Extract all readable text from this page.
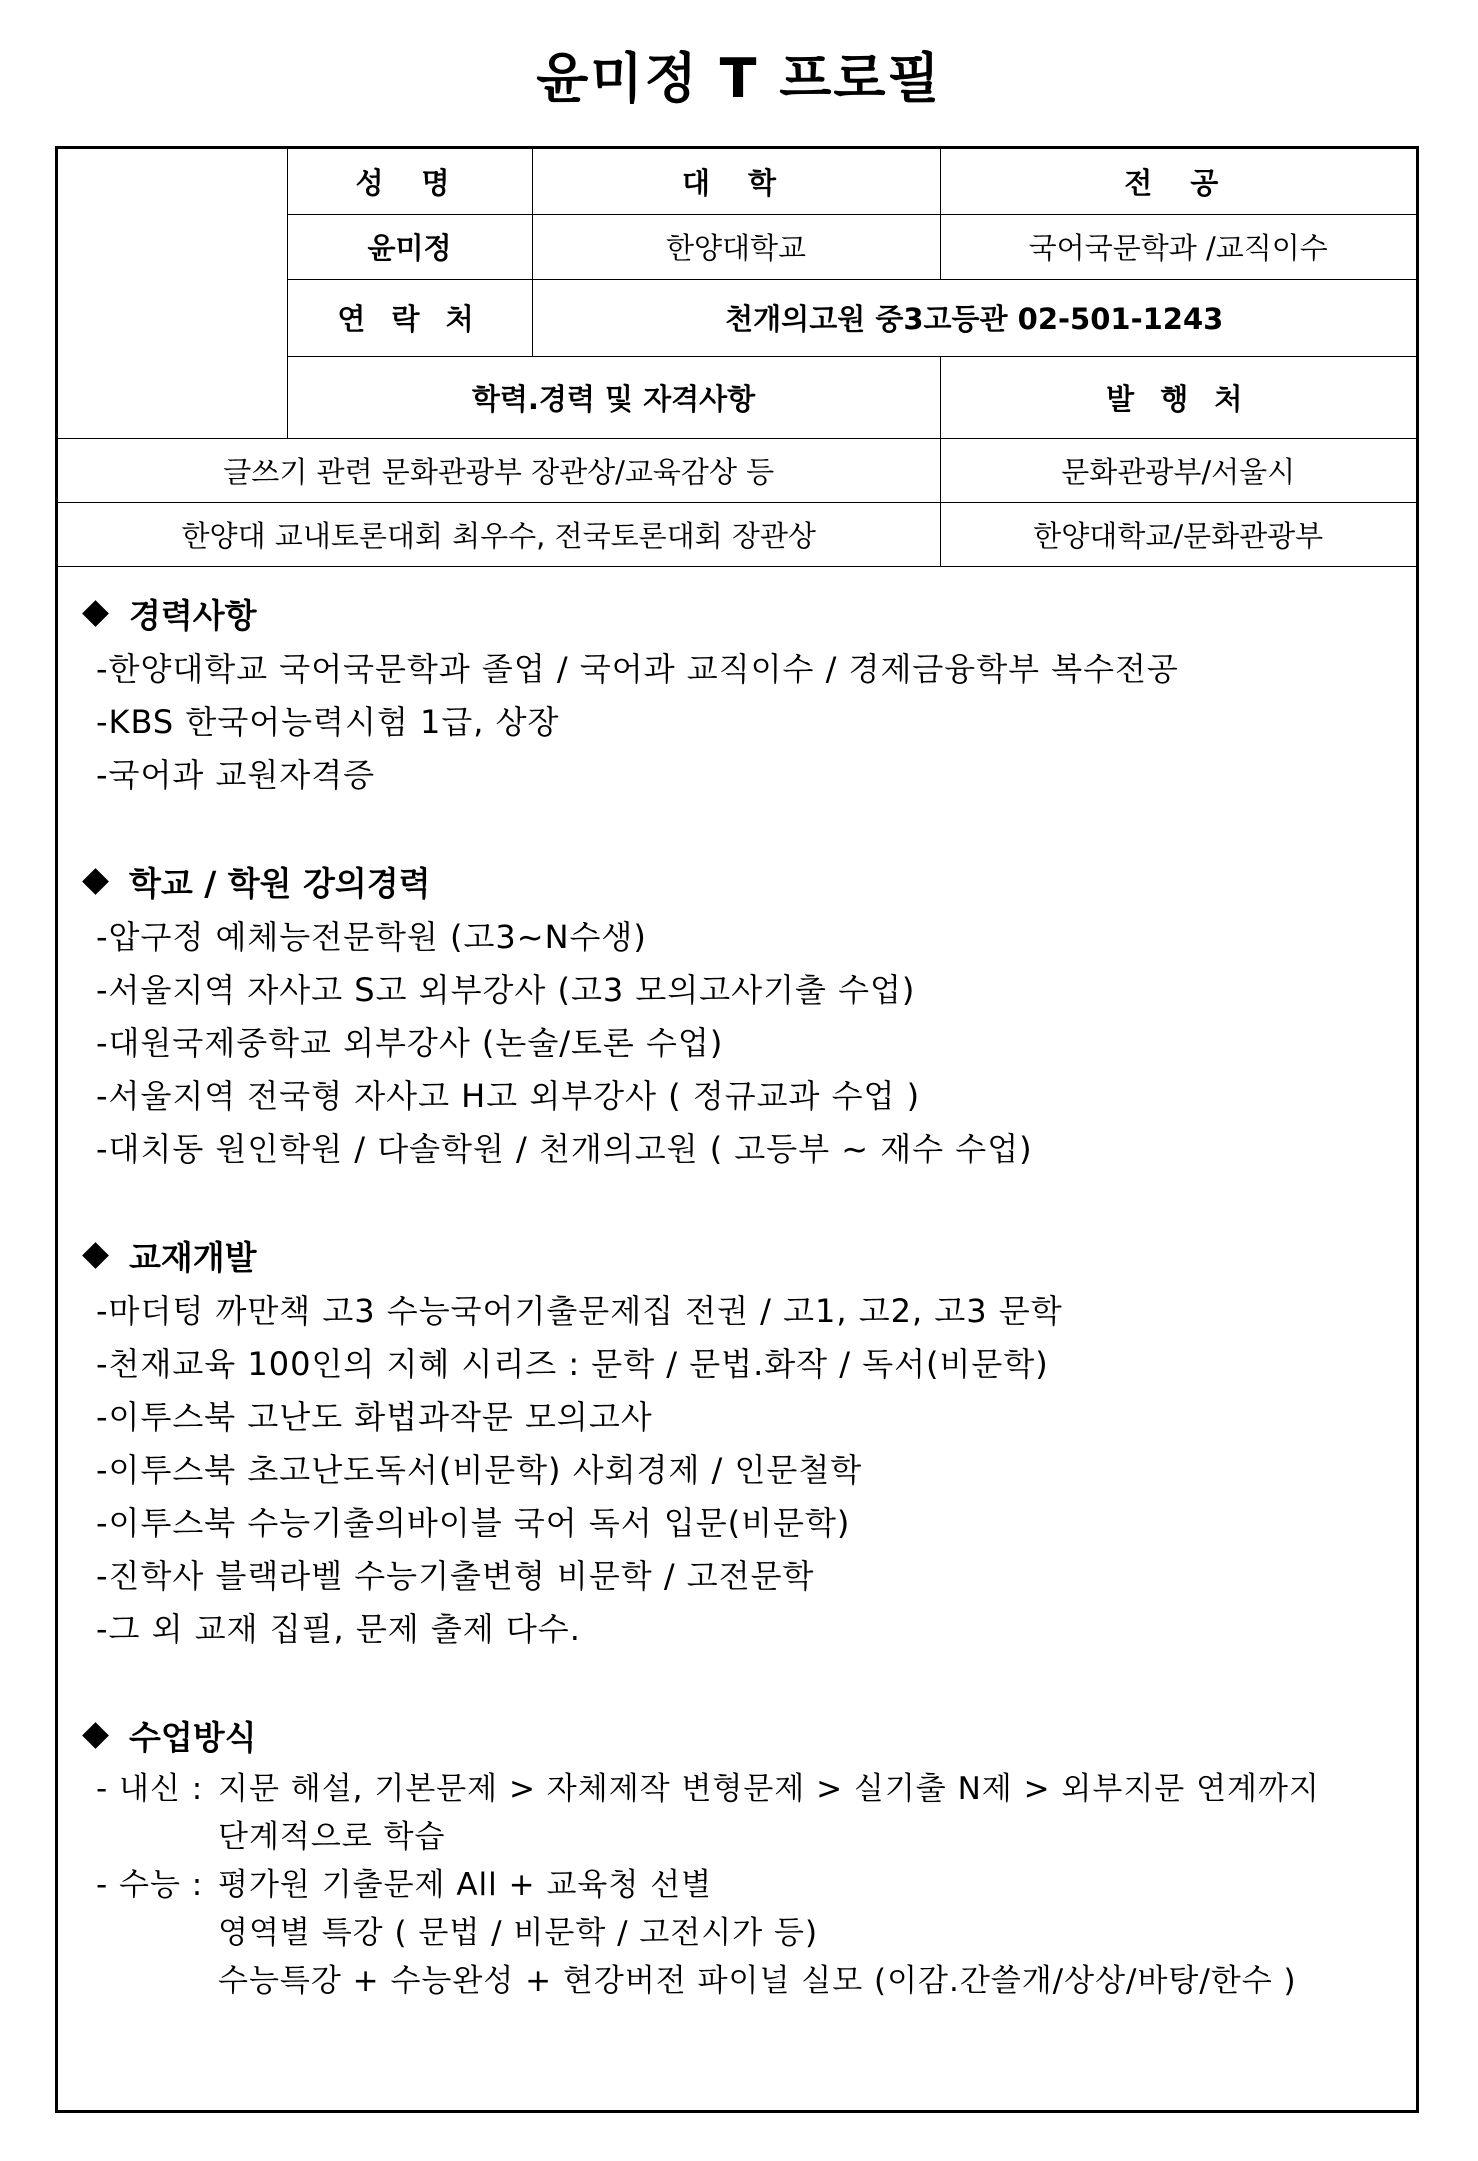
윤미정 T 프로필
	성 명	대 학	전 공
	윤미정	한양대학교	국어국문학과 /교직이수
	연 락 처	천개의고원 중3고등관 02-501-1243	
	학력.경력 및 자격사항		발 행 처
글쓰기 관련 문화관광부 장관상/교육감상 등			문화관광부/서울시
한양대 교내토론대회 최우수, 전국토론대회 장관상			한양대학교/문화관광부
경력사항
-한양대학교 국어국문학과 졸업 / 국어과 교직이수 / 경제금융학부 복수전공
-KBS 한국어능력시험 1급, 상장
-국어과 교원자격증
학교 / 학원 강의경력
-압구정 예체능전문학원 (고3~N수생)
-서울지역 자사고 S고 외부강사 (고3 모의고사기출 수업)
-대원국제중학교 외부강사 (논술/토론 수업)
-서울지역 전국형 자사고 H고 외부강사 ( 정규교과 수업 )
-대치동 원인학원 / 다솔학원 / 천개의고원 ( 고등부 ~ 재수 수업)
교재개발
-마더텅 까만책 고3 수능국어기출문제집 전권 / 고1, 고2, 고3 문학
-천재교육 100인의 지혜 시리즈 : 문학 / 문법.화작 / 독서(비문학)
-이투스북 고난도 화법과작문 모의고사
-이투스북 초고난도독서(비문학) 사회경제 / 인문철학
-이투스북 수능기출의바이블 국어 독서 입문(비문학)
-진학사 블랙라벨 수능기출변형 비문학 / 고전문학
-그 외 교재 집필, 문제 출제 다수.
수업방식
- 내신 : 지문 해설, 기본문제 > 자체제작 변형문제 > 실기출 N제 > 외부지문 연계까지
단계적으로 학습
- 수능 : 평가원 기출문제 All + 교육청 선별
영역별 특강 ( 문법 / 비문학 / 고전시가 등)
수능특강 + 수능완성 + 현강버전 파이널 실모 (이감.간쓸개/상상/바탕/한수 )
